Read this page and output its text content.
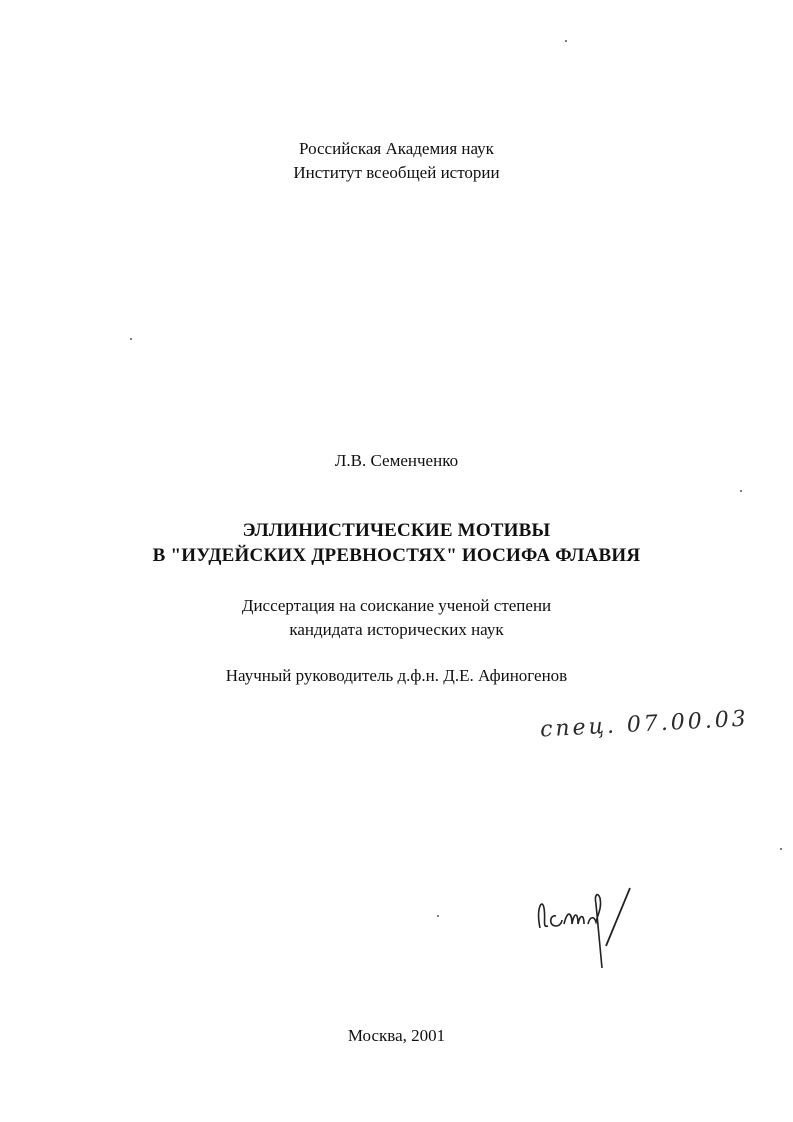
Российская Академия наук
Институт всеобщей истории
Л.В. Семенченко
ЭЛЛИНИСТИЧЕСКИЕ МОТИВЫ
В "ИУДЕЙСКИХ ДРЕВНОСТЯХ" ИОСИФА ФЛАВИЯ
Диссертация на соискание ученой степени
кандидата исторических наук
Научный руководитель д.ф.н. Д.Е. Афиногенов
спец. 07.00.03
Москва, 2001
